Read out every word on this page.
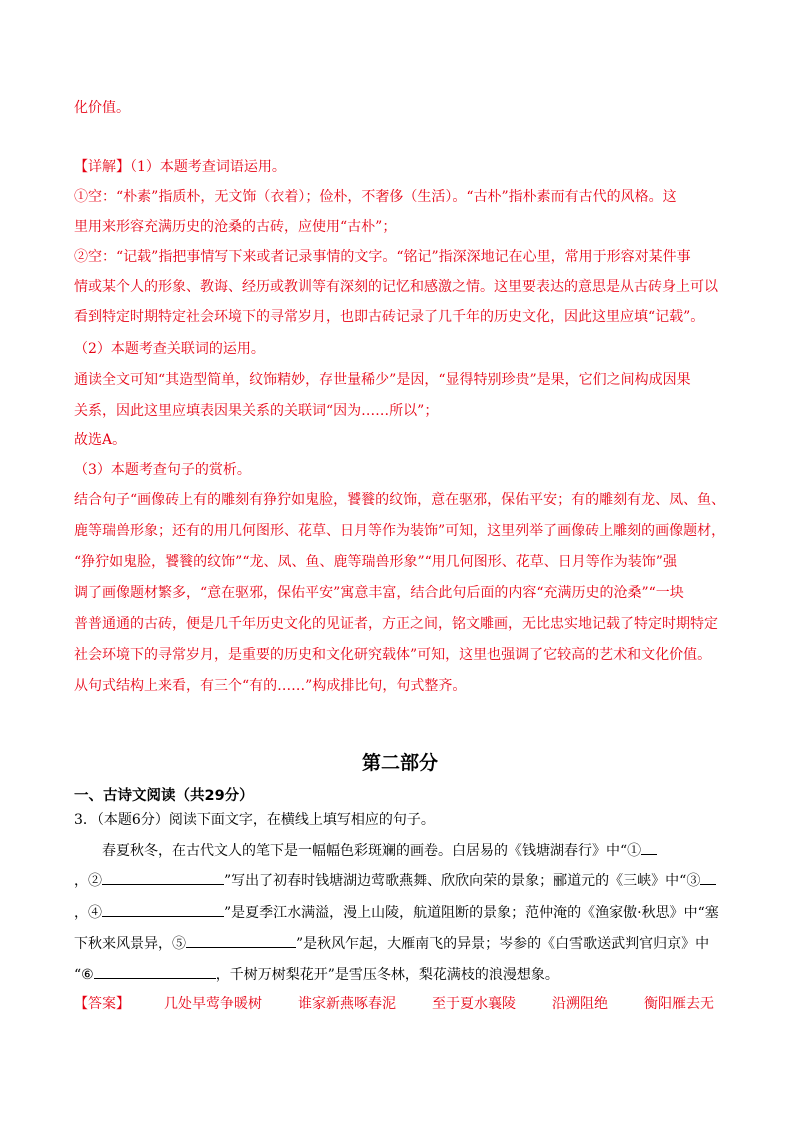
化价值。
【详解】（1）本题考查词语运用。
①空：“朴素”指质朴，无文饰（衣着）；俭朴，不奢侈（生活）。“古朴”指朴素而有古代的风格。这
里用来形容充满历史的沧桑的古砖，应使用“古朴”；
②空：“记载”指把事情写下来或者记录事情的文字。“铭记”指深深地记在心里，常用于形容对某件事
情或某个人的形象、教诲、经历或教训等有深刻的记忆和感激之情。这里要表达的意思是从古砖身上可以
看到特定时期特定社会环境下的寻常岁月，也即古砖记录了几千年的历史文化，因此这里应填“记载”。
（2）本题考查关联词的运用。
通读全文可知“其造型简单，纹饰精妙，存世量稀少”是因，“显得特别珍贵”是果，它们之间构成因果
关系，因此这里应填表因果关系的关联词“因为……所以”；
故选A。
（3）本题考查句子的赏析。
结合句子“画像砖上有的雕刻有狰狞如鬼脸，饕餮的纹饰，意在驱邪，保佑平安；有的雕刻有龙、凤、鱼、
鹿等瑞兽形象；还有的用几何图形、花草、日月等作为装饰”可知，这里列举了画像砖上雕刻的画像题材，
“狰狞如鬼脸，饕餮的纹饰”“龙、凤、鱼、鹿等瑞兽形象”“用几何图形、花草、日月等作为装饰”强
调了画像题材繁多，“意在驱邪，保佑平安”寓意丰富，结合此句后面的内容“充满历史的沧桑”“一块
普普通通的古砖，便是几千年历史文化的见证者，方正之间，铭文雕画，无比忠实地记载了特定时期特定
社会环境下的寻常岁月，是重要的历史和文化研究载体”可知，这里也强调了它较高的艺术和文化价值。
从句式结构上来看，有三个“有的……”构成排比句，句式整齐。
第二部分
一、古诗文阅读（共29分）
3．（本题6分）阅读下面文字，在横线上填写相应的句子。
春夏秋冬，在古代文人的笔下是一幅幅色彩斑斓的画卷。白居易的《钱塘湖春行》中“①
，②	”写出了初春时钱塘湖边莺歌燕舞、欣欣向荣的景象；郦道元的《三峡》中“③
，④	”是夏季江水满溢，漫上山陵，航道阻断的景象；范仲淹的《渔家傲·秋思》中“塞
下秋来风景异，⑤	”是秋风乍起，大雁南飞的异景；岑参的《白雪歌送武判官归京》中
“⑥	，千树万树梨花开”是雪压冬林，梨花满枝的浪漫想象。
【答案】 几处早莺争暖树	谁家新燕啄春泥	至于夏水襄陵	沿溯阻绝	衡阳雁去无
